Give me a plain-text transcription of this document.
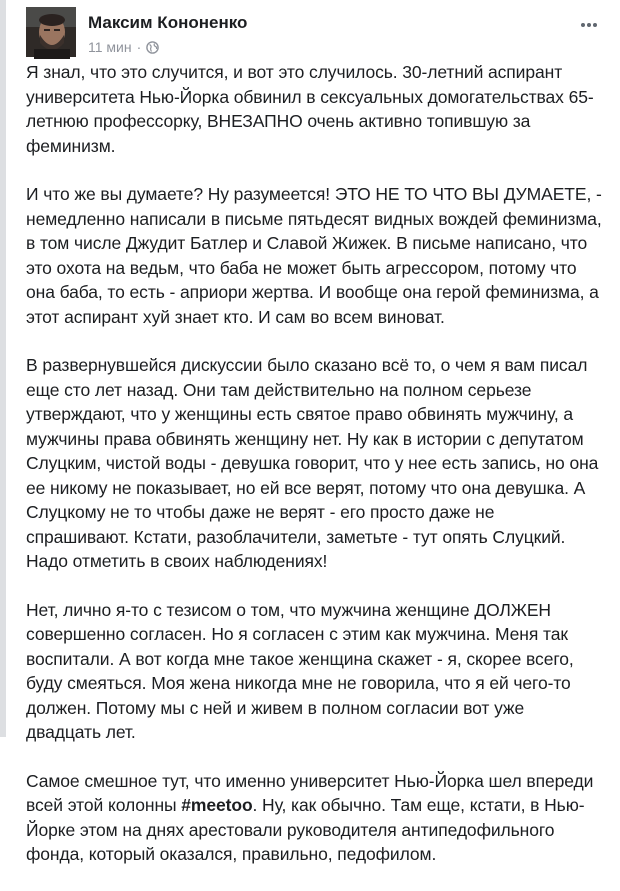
Максим Кононенко
11 мин ·

Я знал, что это случится, и вот это случилось. 30-летний аспирант университета Нью-Йорка обвинил в сексуальных домогательствах 65-летнюю профессорку, ВНЕЗАПНО очень активно топившую за феминизм.

И что же вы думаете? Ну разумеется! ЭТО НЕ ТО ЧТО ВЫ ДУМАЕТЕ, - немедленно написали в письме пятьдесят видных вождей феминизма, в том числе Джудит Батлер и Славой Жижек. В письме написано, что это охота на ведьм, что баба не может быть агрессором, потому что она баба, то есть - априори жертва. И вообще она герой феминизма, а этот аспирант хуй знает кто. И сам во всем виноват.

В развернувшейся дискуссии было сказано всё то, о чем я вам писал еще сто лет назад. Они там действительно на полном серьезе утверждают, что у женщины есть святое право обвинять мужчину, а мужчины права обвинять женщину нет. Ну как в истории с депутатом Слуцким, чистой воды - девушка говорит, что у нее есть запись, но она ее никому не показывает, но ей все верят, потому что она девушка. А Слуцкому не то чтобы даже не верят - его просто даже не спрашивают. Кстати, разоблачители, заметьте - тут опять Слуцкий. Надо отметить в своих наблюдениях!

Нет, лично я-то с тезисом о том, что мужчина женщине ДОЛЖЕН совершенно согласен. Но я согласен с этим как мужчина. Меня так воспитали. А вот когда мне такое женщина скажет - я, скорее всего, буду смеяться. Моя жена никогда мне не говорила, что я ей чего-то должен. Потому мы с ней и живем в полном согласии вот уже двадцать лет.

Самое смешное тут, что именно университет Нью-Йорка шел впереди всей этой колонны #meetoo. Ну, как обычно. Там еще, кстати, в Нью-Йорке этом на днях арестовали руководителя антипедофильного фонда, который оказался, правильно, педофилом.
